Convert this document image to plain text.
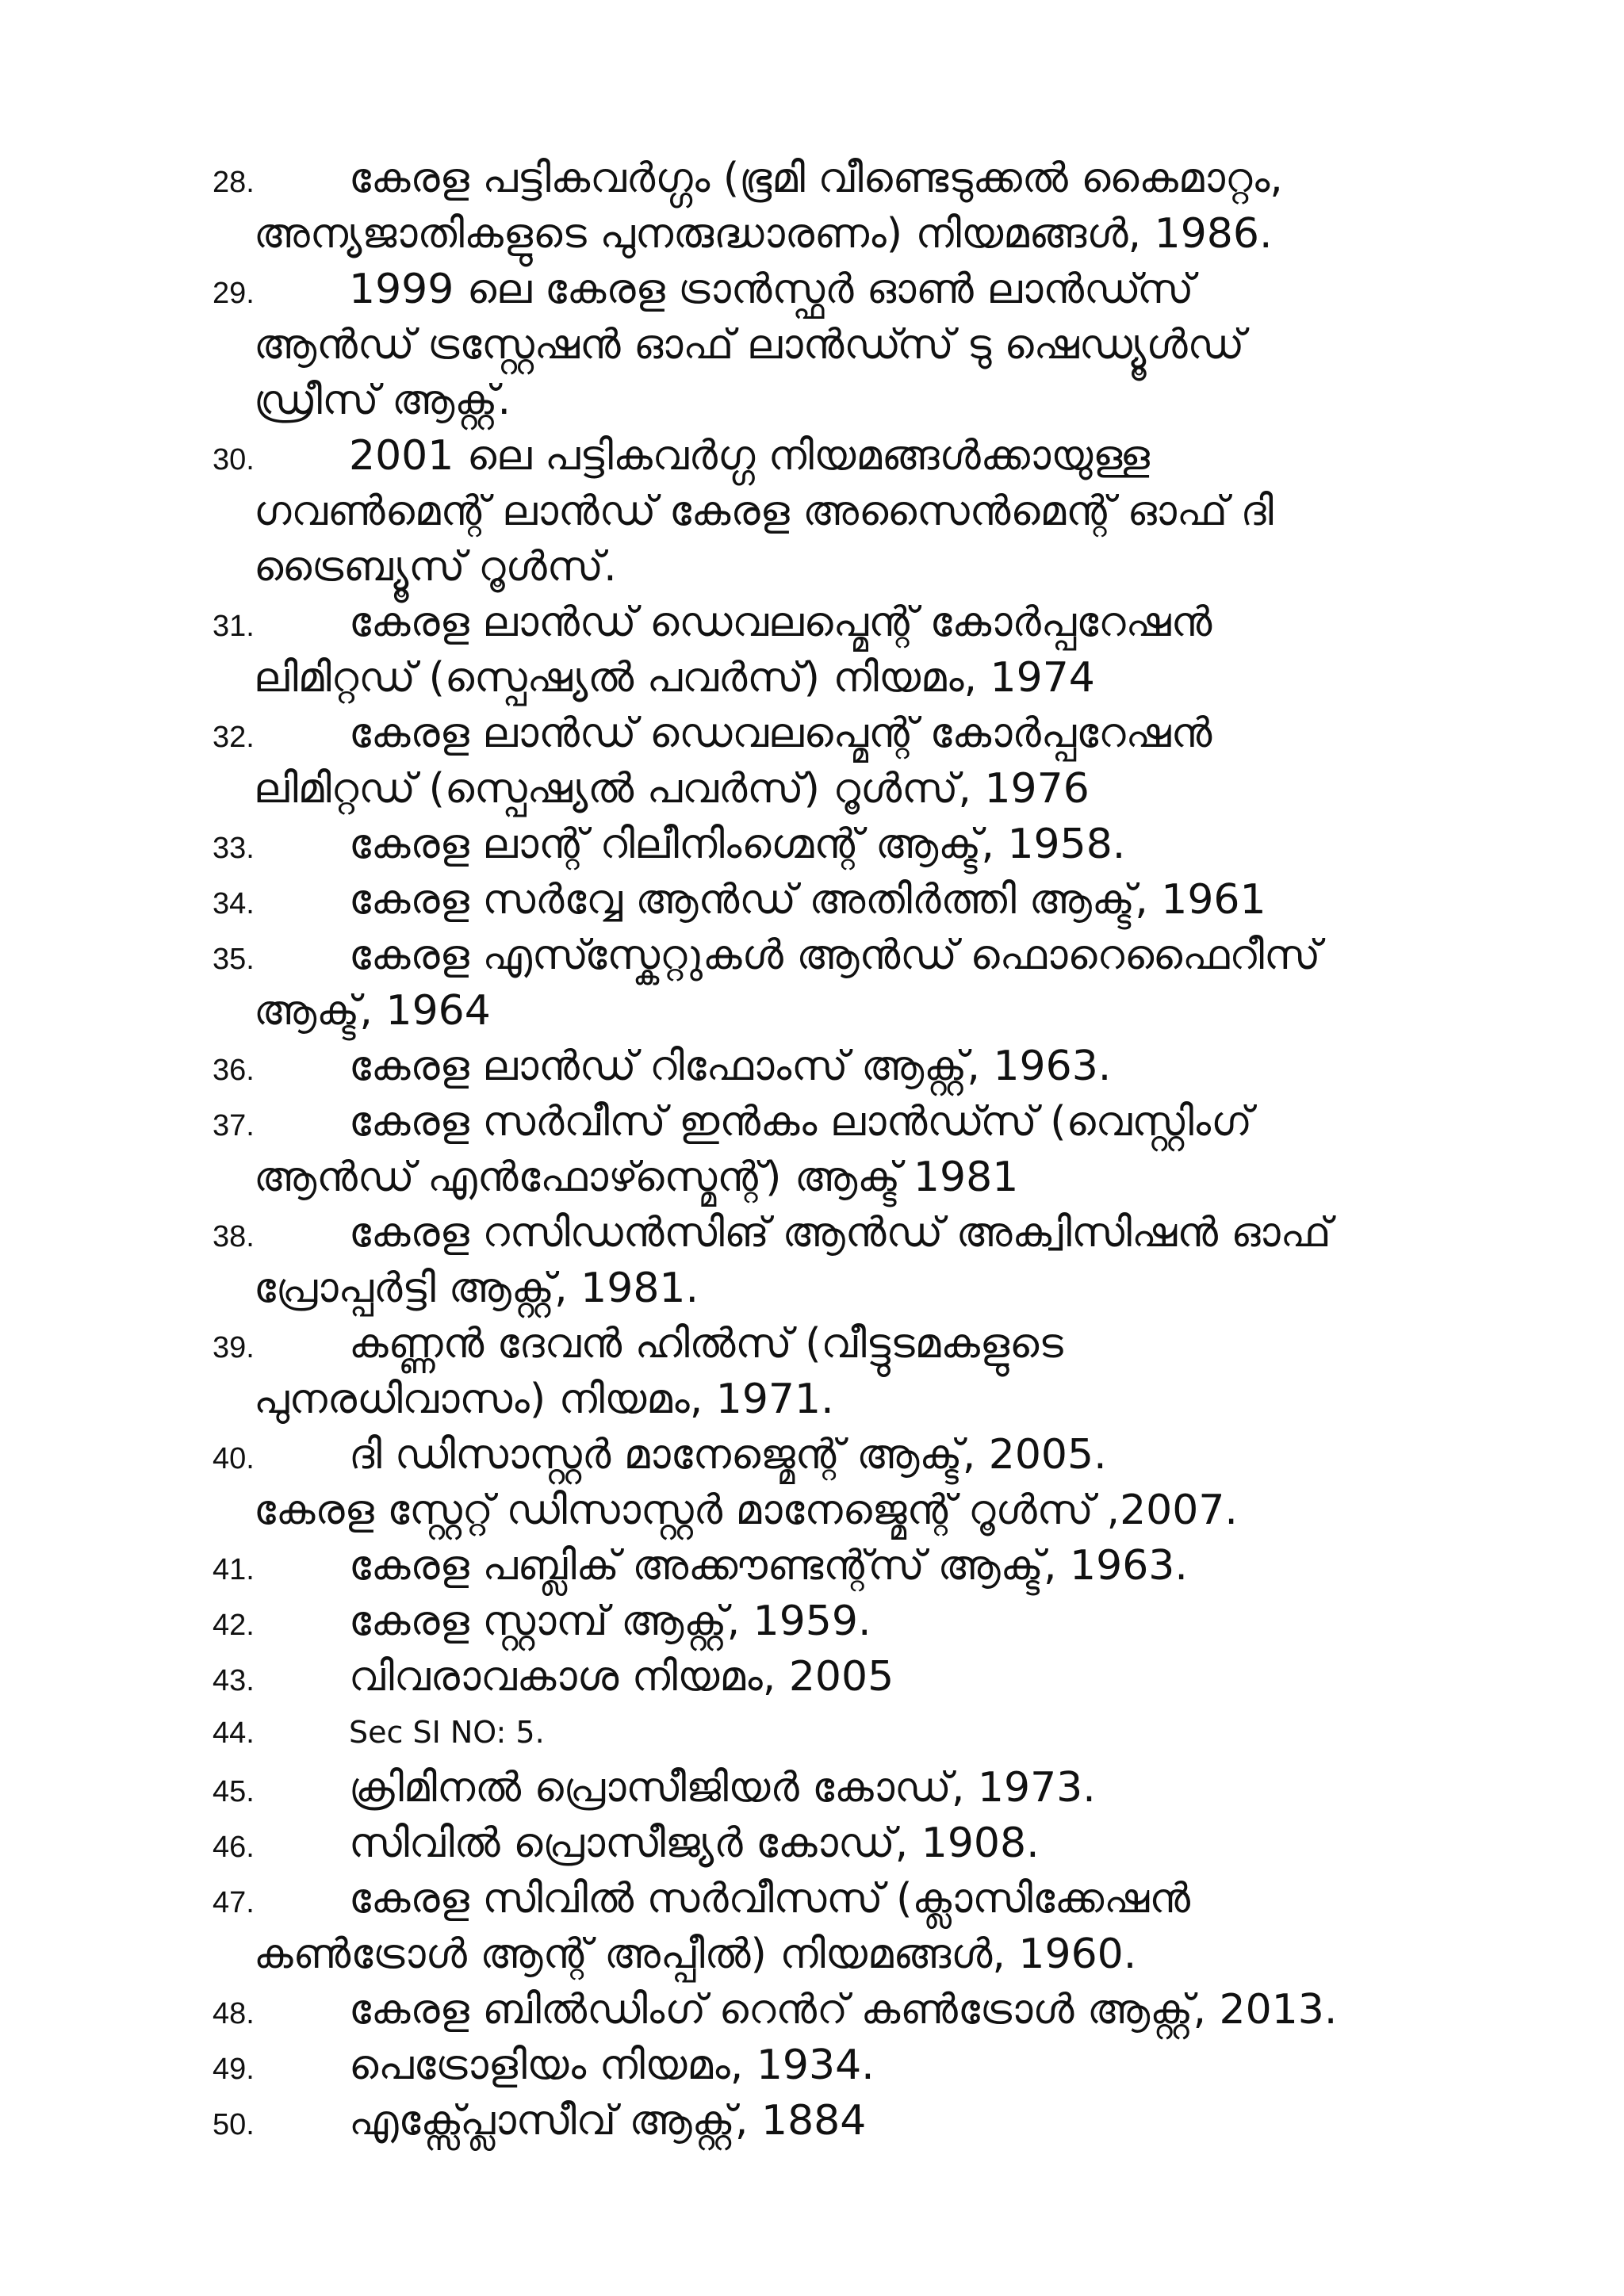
28.	കേരള പട്ടികവർഗ്ഗം (ഭൂമി വീണ്ടെടുക്കൽ കൈമാറ്റം,
അന്യജാതികളുടെ പുനരുദ്ധാരണം) നിയമങ്ങൾ, 1986.
29.	1999 ലെ കേരള ട്രാൻസ്ഫർ ഓൺ ലാൻഡ്സ്
ആൻഡ് ട്രസ്റ്റേഷൻ ഓഫ് ലാൻഡ്സ് ടു ഷെഡ്യൂൾഡ്
ഡ്രീസ് ആക്റ്റ്.
30.	2001 ലെ പട്ടികവർഗ്ഗ നിയമങ്ങൾക്കായുള്ള
ഗവൺമെന്റ് ലാൻഡ് കേരള അസൈൻമെന്റ് ഓഫ് ദി
ട്രൈബ്യൂസ് റൂൾസ്.
31.	കേരള ലാൻഡ് ഡെവലപ്മെന്റ് കോർപ്പറേഷൻ
ലിമിറ്റഡ് (സ്പെഷ്യൽ പവർസ്) നിയമം, 1974
32.	കേരള ലാൻഡ് ഡെവലപ്മെന്റ് കോർപ്പറേഷൻ
ലിമിറ്റഡ് (സ്പെഷ്യൽ പവർസ്) റൂൾസ്, 1976
33.	കേരള ലാന്റ് റിലീനിംഗ്മെന്റ് ആക്ട്, 1958.
34.	കേരള സർവ്വേ ആൻഡ് അതിർത്തി ആക്ട്, 1961
35.	കേരള എസ്സ്കേറ്റുകൾ ആൻഡ് ഫൊറെഫൈറീസ്
ആക്ട്, 1964
36.	കേരള ലാൻഡ് റിഫോംസ് ആക്റ്റ്, 1963.
37.	കേരള സർവീസ് ഇൻകം ലാൻഡ്സ് (വെസ്റ്റിംഗ്
ആൻഡ് എൻഫോഴ്സ്മെന്റ്) ആക്ട് 1981
38.	കേരള റസിഡൻസിങ് ആൻഡ് അക്വിസിഷൻ ഓഫ്
പ്രോപ്പർട്ടി ആക്റ്റ്, 1981.
39.	കണ്ണൻ ദേവൻ ഹിൽസ് (വീട്ടുടമകളുടെ
പുനരധിവാസം) നിയമം, 1971.
40.	ദി ഡിസാസ്റ്റർ മാനേജ്മെന്റ് ആക്ട്, 2005.
കേരള സ്റ്റേറ്റ് ഡിസാസ്റ്റർ മാനേജ്മെന്റ് റൂൾസ് ,2007.
41.	കേരള പബ്ലിക് അക്കൗണ്ടന്റ്സ് ആക്ട്, 1963.
42.	കേരള സ്റ്റാമ്പ് ആക്റ്റ്, 1959.
43.	വിവരാവകാശ നിയമം, 2005
44.	Sec SI NO: 5.
45.	ക്രിമിനൽ പ്രൊസീജിയർ കോഡ്, 1973.
46.	സിവിൽ പ്രൊസീജ്യർ കോഡ്, 1908.
47.	കേരള സിവിൽ സർവീസസ് (ക്ലാസിക്കേഷൻ
കൺട്രോൾ ആന്റ് അപ്പീൽ) നിയമങ്ങൾ, 1960.
48.	കേരള ബിൽഡിംഗ് റെൻറ് കൺട്രോൾ ആക്റ്റ്, 2013.
49.	പെട്രോളിയം നിയമം, 1934.
50.	എക്സ്പ്ലോസീവ് ആക്റ്റ്, 1884
